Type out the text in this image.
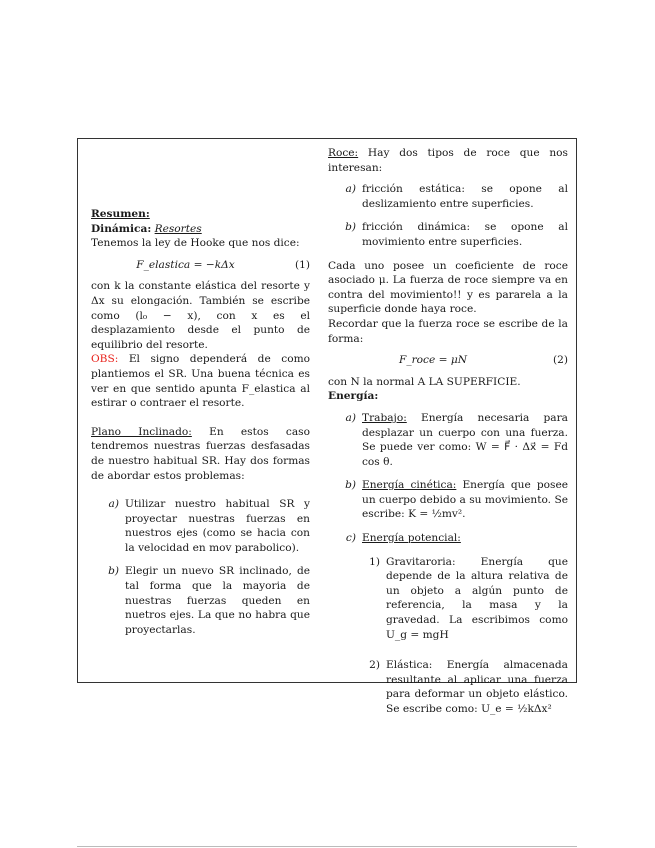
Resumen:

Dinámica: Resortes

Tenemos la ley de Hooke que nos dice:

F_elastica = −kΔx	(1)

con k la constante elástica del resorte y Δx su elongación. También se escribe como (l₀ − x), con x es el desplazamiento desde el punto de equilibrio del resorte.

OBS: El signo dependerá de como plantiemos el SR. Una buena técnica es ver en que sentido apunta F_elastica al estirar o contraer el resorte.

Plano Inclinado: En estos caso tendremos nuestras fuerzas desfasadas de nuestro habitual SR. Hay dos formas de abordar estos problemas:

a) Utilizar nuestro habitual SR y proyectar nuestras fuerzas en nuestros ejes (como se hacia con la velocidad en mov parabolico).
b) Elegir un nuevo SR inclinado, de tal forma que la mayoria de nuestras fuerzas queden en nuetros ejes. La que no habra que proyectarlas.

Roce: Hay dos tipos de roce que nos interesan:

a) fricción estática: se opone al deslizamiento entre superficies.
b) fricción dinámica: se opone al movimiento entre superficies.

Cada uno posee un coeficiente de roce asociado μ. La fuerza de roce siempre va en contra del movimiento!! y es pararela a la superficie donde haya roce.

Recordar que la fuerza roce se escribe de la forma:

F_roce = μN	(2)

con N la normal A LA SUPERFICIE.

Energía:

a) Trabajo: Energía necesaria para desplazar un cuerpo con una fuerza. Se puede ver como: W = F⃗ · Δx⃗ = Fd cos θ.
b) Energía cinética: Energía que posee un cuerpo debido a su movimiento. Se escribe: K = ½mv².
c) Energía potencial:
1) Gravitaroria: Energía que depende de la altura relativa de un objeto a algún punto de referencia, la masa y la gravedad. La escribimos como U_g = mgH
2) Elástica: Energía almacenada resultante al aplicar una fuerza para deformar un objeto elástico. Se escribe como: U_e = ½kΔx²
